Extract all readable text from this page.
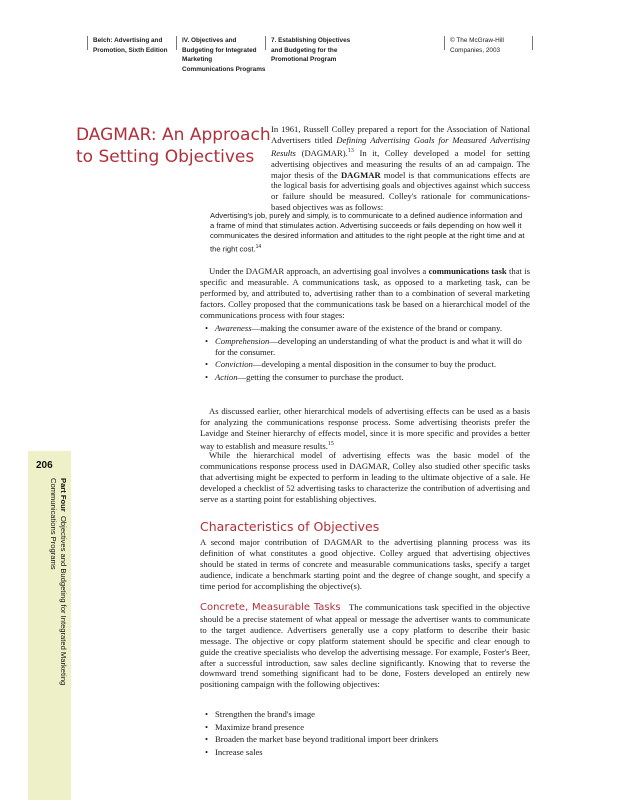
Belch: Advertising and
Promotion, Sixth Edition
IV. Objectives and
Budgeting for Integrated
Marketing
Communications Programs
7. Establishing Objectives
and Budgeting for the
Promotional Program
© The McGraw-Hill
Companies, 2003
206
Part Four  Objectives and Budgeting for Integrated Marketing
Communications Programs
DAGMAR: An Approach
to Setting Objectives

In 1961, Russell Colley prepared a report for the Association of National Advertisers titled Defining Advertising Goals for Measured Advertising Results (DAGMAR).$^{13}$ In it, Colley developed a model for setting advertising objectives and measuring the results of an ad campaign. The major thesis of the DAGMAR model is that communications effects are the logical basis for advertising goals and objectives against which success or failure should be measured. Colley's rationale for communications-based objectives was as follows:

Advertising's job, purely and simply, is to communicate to a defined audience information and a frame of mind that stimulates action. Advertising succeeds or fails depending on how well it communicates the desired information and attitudes to the right people at the right time and at the right cost.$^{14}$

Under the DAGMAR approach, an advertising goal involves a communications task that is specific and measurable. A communications task, as opposed to a marketing task, can be performed by, and attributed to, advertising rather than to a combination of several marketing factors. Colley proposed that the communications task be based on a hierarchical model of the communications process with four stages:

• Awareness—making the consumer aware of the existence of the brand or company.
• Comprehension—developing an understanding of what the product is and what it will do for the consumer.
• Conviction—developing a mental disposition in the consumer to buy the product.
• Action—getting the consumer to purchase the product.

As discussed earlier, other hierarchical models of advertising effects can be used as a basis for analyzing the communications response process. Some advertising theorists prefer the Lavidge and Steiner hierarchy of effects model, since it is more specific and provides a better way to establish and measure results.$^{15}$

While the hierarchical model of advertising effects was the basic model of the communications response process used in DAGMAR, Colley also studied other specific tasks that advertising might be expected to perform in leading to the ultimate objective of a sale. He developed a checklist of 52 advertising tasks to characterize the contribution of advertising and serve as a starting point for establishing objectives.

Characteristics of Objectives

A second major contribution of DAGMAR to the advertising planning process was its definition of what constitutes a good objective. Colley argued that advertising objectives should be stated in terms of concrete and measurable communications tasks, specify a target audience, indicate a benchmark starting point and the degree of change sought, and specify a time period for accomplishing the objective(s).

Concrete, Measurable Tasks The communications task specified in the objective should be a precise statement of what appeal or message the advertiser wants to communicate to the target audience. Advertisers generally use a copy platform to describe their basic message. The objective or copy platform statement should be specific and clear enough to guide the creative specialists who develop the advertising message. For example, Foster's Beer, after a successful introduction, saw sales decline significantly. Knowing that to reverse the downward trend something significant had to be done, Fosters developed an entirely new positioning campaign with the following objectives:

• Strengthen the brand's image
• Maximize brand presence
• Broaden the market base beyond traditional import beer drinkers
• Increase sales
